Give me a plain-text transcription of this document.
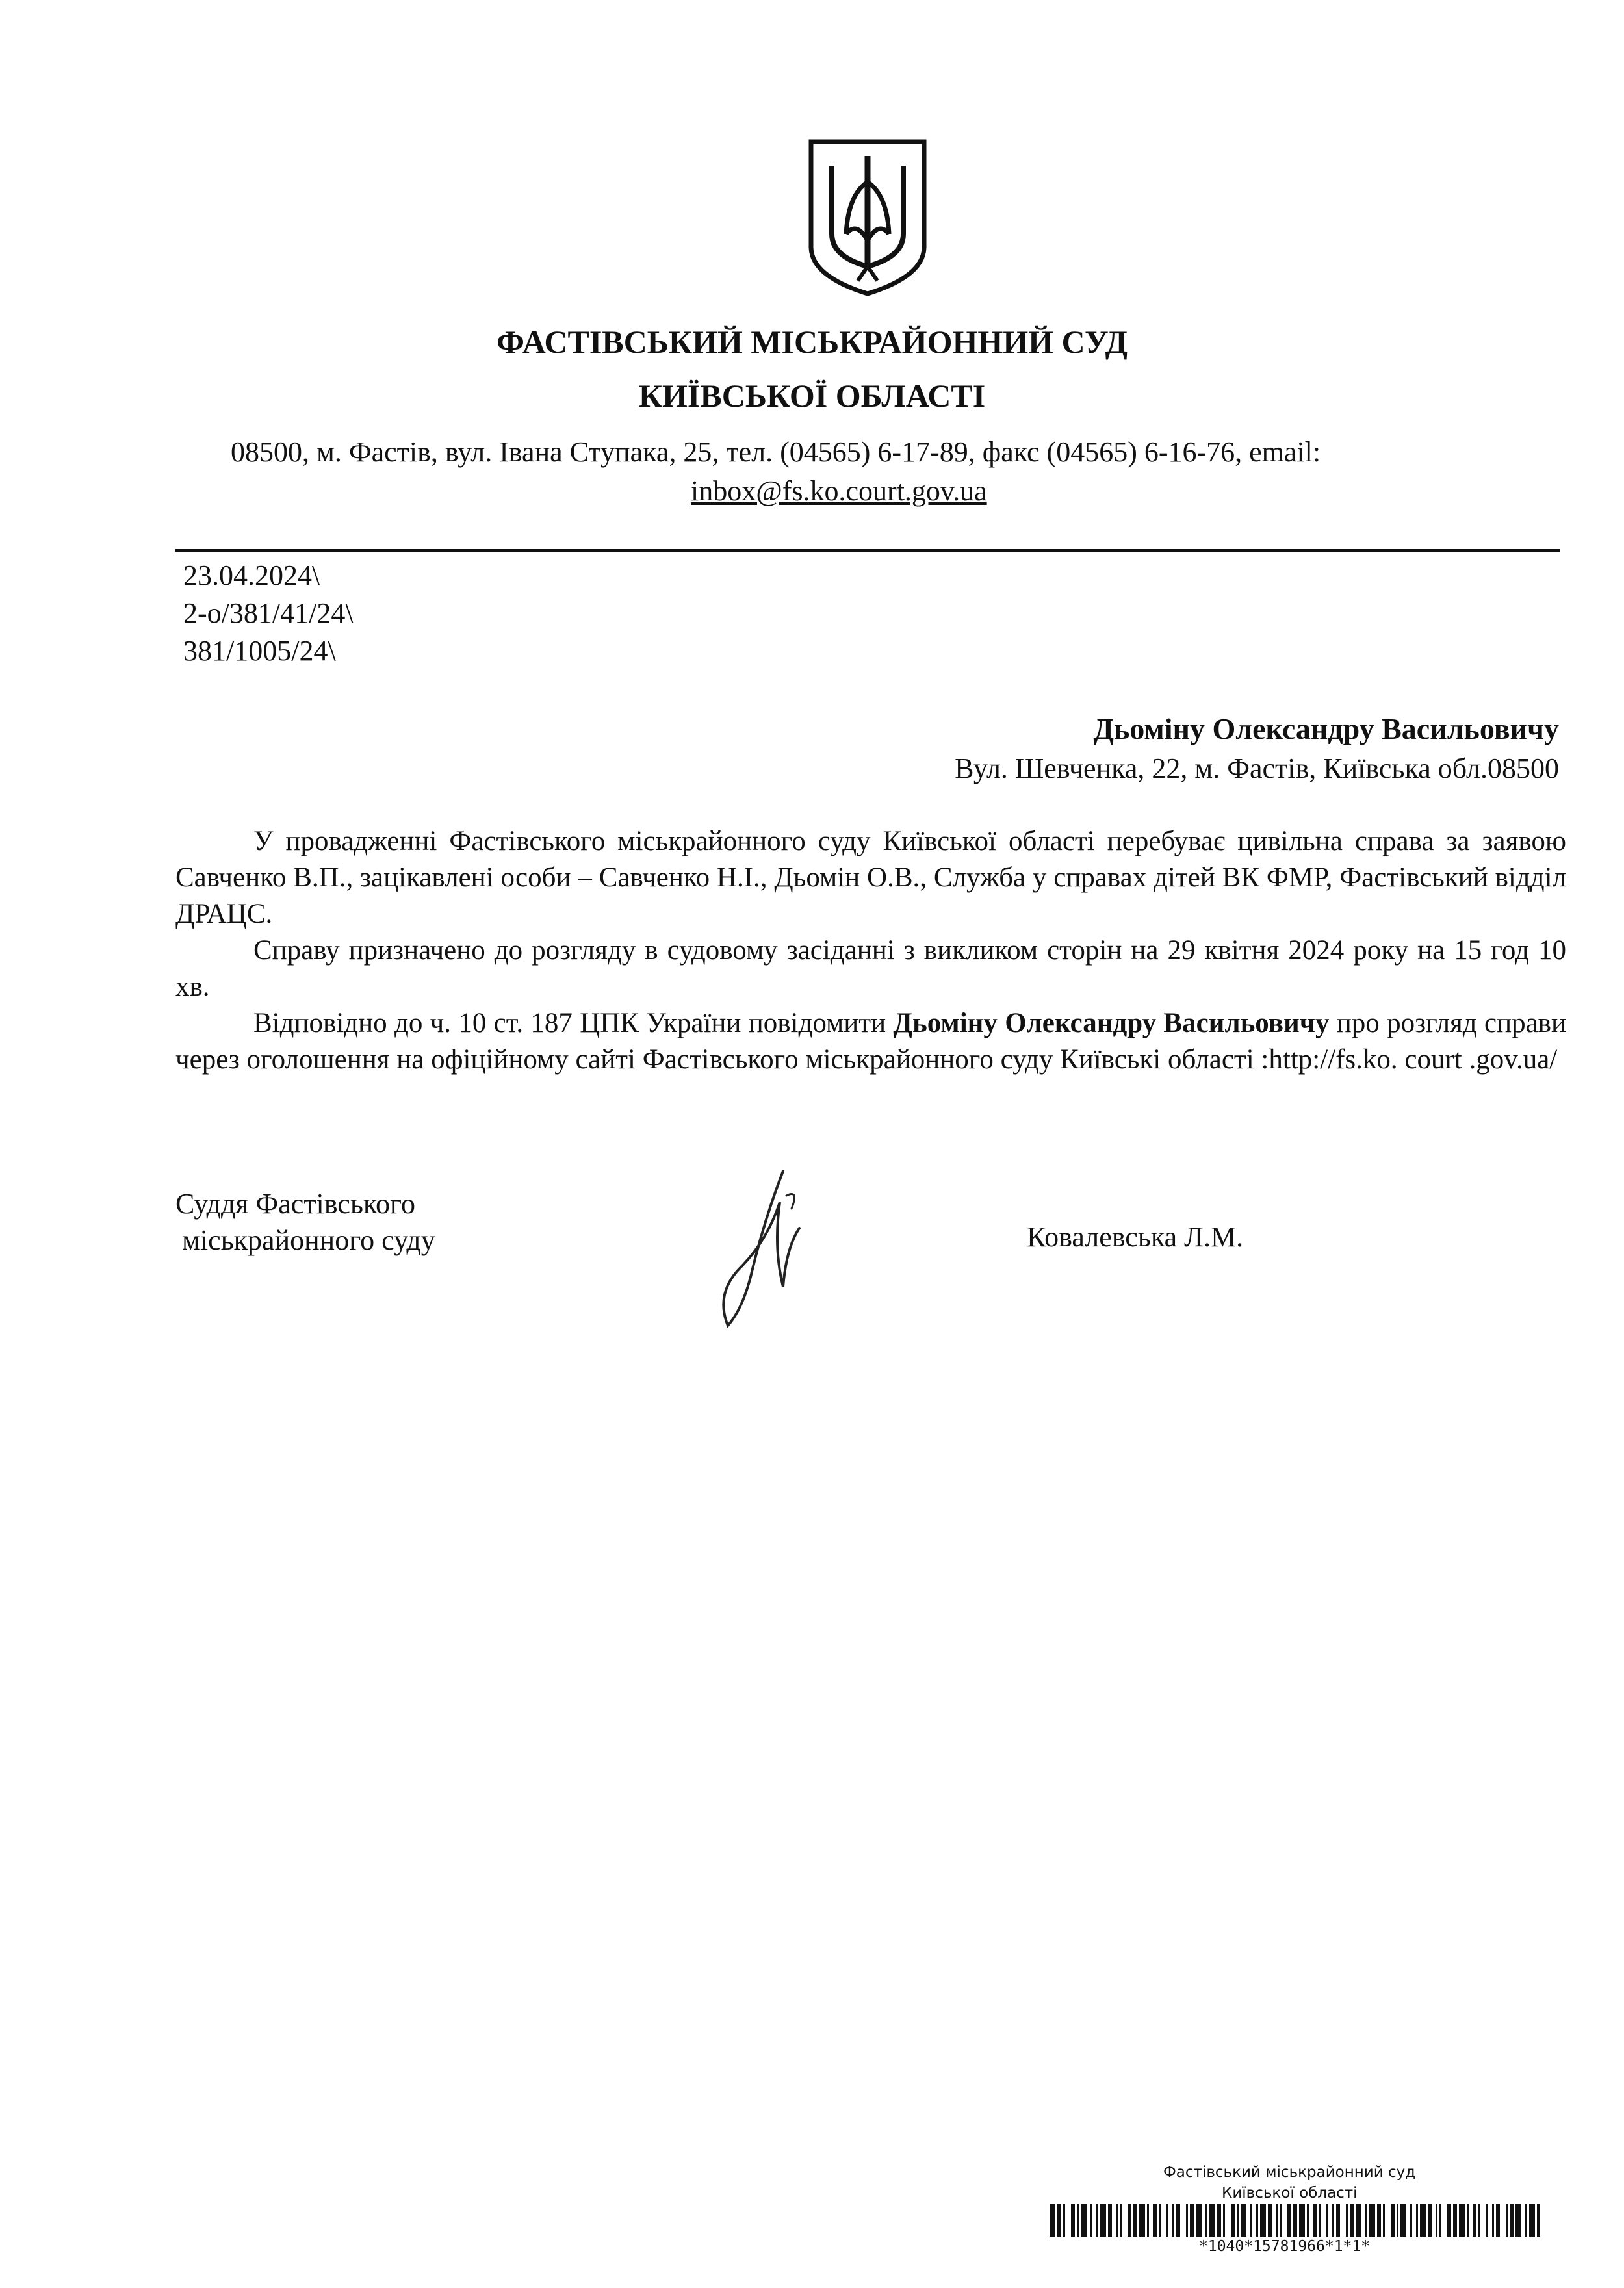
ФАСТІВСЬКИЙ МІСЬКРАЙОННИЙ СУД
КИЇВСЬКОЇ ОБЛАСТІ
08500, м. Фастів, вул. Івана Ступака, 25, тел. (04565) 6-17-89, факс (04565) 6-16-76, email:
inbox@fs.ko.court.gov.ua
23.04.2024\
2-о/381/41/24\
381/1005/24\
Дьоміну Олександру Васильовичу
Вул. Шевченка, 22, м. Фастів, Київська обл.08500

У провадженні Фастівського міськрайонного суду Київської області перебуває цивільна справа за заявою Савченко В.П., зацікавлені особи – Савченко Н.І., Дьомін О.В., Служба у справах дітей ВК ФМР, Фастівський відділ ДРАЦС.

Справу призначено до розгляду в судовому засіданні з викликом сторін на 29 квітня 2024 року на 15 год 10 хв.

Відповідно до ч. 10 ст. 187 ЦПК України повідомити Дьоміну Олександру Васильовичу про розгляд справи через оголошення на офіційному сайті Фастівського міськрайонного суду Київські області :http://fs.ko. court .gov.ua/

Суддя Фастівського
міськрайонного суду	Ковалевська Л.М.
Фастівський міськрайонний суд
Київської області
*1040*15781966*1*1*
